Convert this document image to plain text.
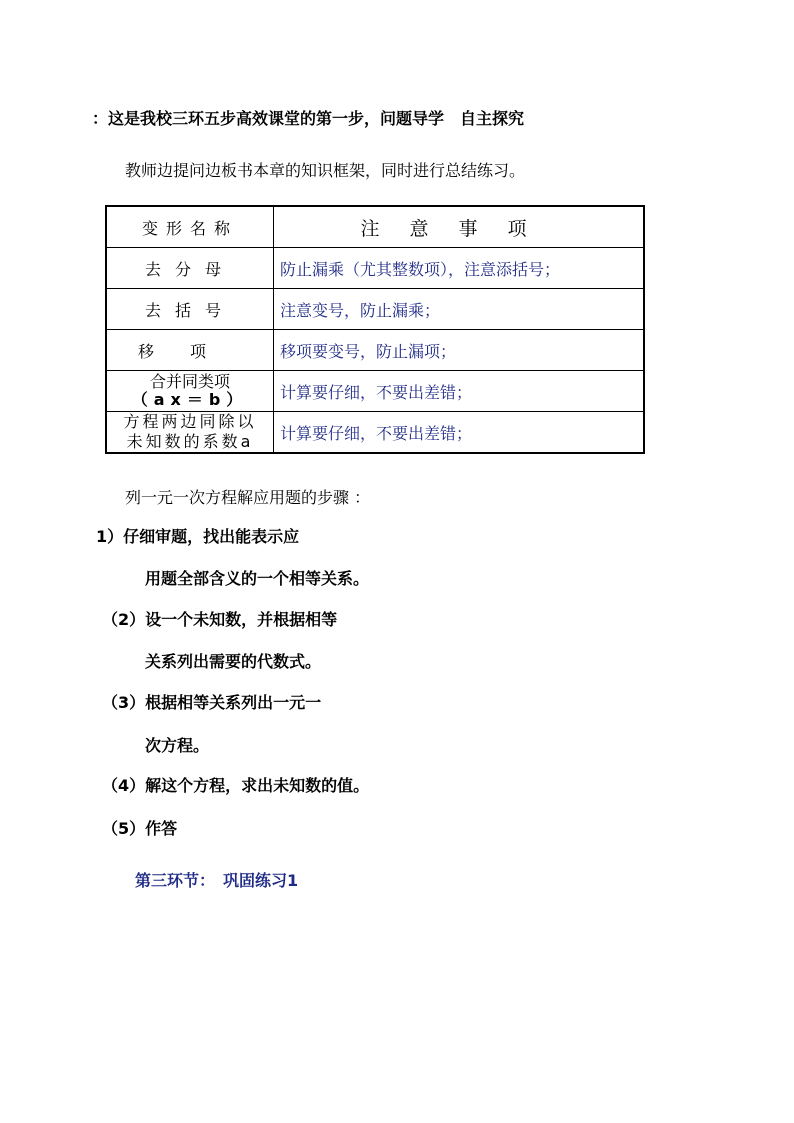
：这是我校三环五步高效课堂的第一步，问题导学　自主探究
教师边提问边板书本章的知识框架，同时进行总结练习。
变形名称	注意事项
去分母	防止漏乘（尤其整数项），注意添括号；
去括号	注意变号，防止漏乘；
移项	移项要变号，防止漏项；

合并同类项
（ax＝b）	计算要仔细，不要出差错；

方程两边同除以
未知数的系数a	计算要仔细，不要出差错；
列一元一次方程解应用题的步骤 ：
1）仔细审题，找出能表示应
用题全部含义的一个相等关系。
（2）设一个未知数，并根据相等
关系列出需要的代数式。
（3）根据相等关系列出一元一
次方程。
（4）解这个方程，求出未知数的值。
（5）作答
第三环节：　巩固练习1
